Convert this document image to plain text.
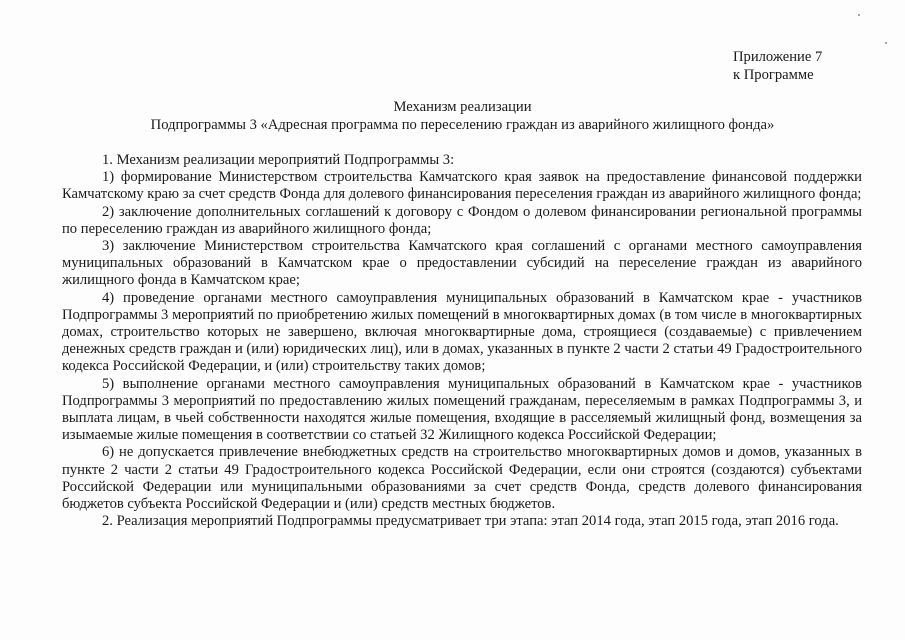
Приложение 7
к Программе
Механизм реализации
Подпрограммы 3 «Адресная программа по переселению граждан из аварийного жилищного фонда»

1. Механизм реализации мероприятий Подпрограммы 3:

1) формирование Министерством строительства Камчатского края заявок на предоставление финансовой поддержки Камчатскому краю за счет средств Фонда для долевого финансирования переселения граждан из аварийного жилищного фонда;

2) заключение дополнительных соглашений к договору с Фондом о долевом финансировании региональной программы по переселению граждан из аварийного жилищного фонда;

3) заключение Министерством строительства Камчатского края соглашений с органами местного самоуправления муниципальных образований в Камчатском крае о предоставлении субсидий на переселение граждан из аварийного жилищного фонда в Камчатском крае;

4) проведение органами местного самоуправления муниципальных образований в Камчатском крае - участников Подпрограммы 3 мероприятий по приобретению жилых помещений в многоквартирных домах (в том числе в многоквартирных домах, строительство которых не завершено, включая многоквартирные дома, строящиеся (создаваемые) с привлечением денежных средств граждан и (или) юридических лиц), или в домах, указанных в пункте 2 части 2 статьи 49 Градостроительного кодекса Российской Федерации, и (или) строительству таких домов;

5) выполнение органами местного самоуправления муниципальных образований в Камчатском крае - участников Подпрограммы 3 мероприятий по предоставлению жилых помещений гражданам, переселяемым в рамках Подпрограммы 3, и выплата лицам, в чьей собственности находятся жилые помещения, входящие в расселяемый жилищный фонд, возмещения за изымаемые жилые помещения в соответствии со статьей 32 Жилищного кодекса Российской Федерации;

6) не допускается привлечение внебюджетных средств на строительство многоквартирных домов и домов, указанных в пункте 2 части 2 статьи 49 Градостроительного кодекса Российской Федерации, если они строятся (создаются) субъектами Российской Федерации или муниципальными образованиями за счет средств Фонда, средств долевого финансирования бюджетов субъекта Российской Федерации и (или) средств местных бюджетов.

2. Реализация мероприятий Подпрограммы предусматривает три этапа: этап 2014 года, этап 2015 года, этап 2016 года.
